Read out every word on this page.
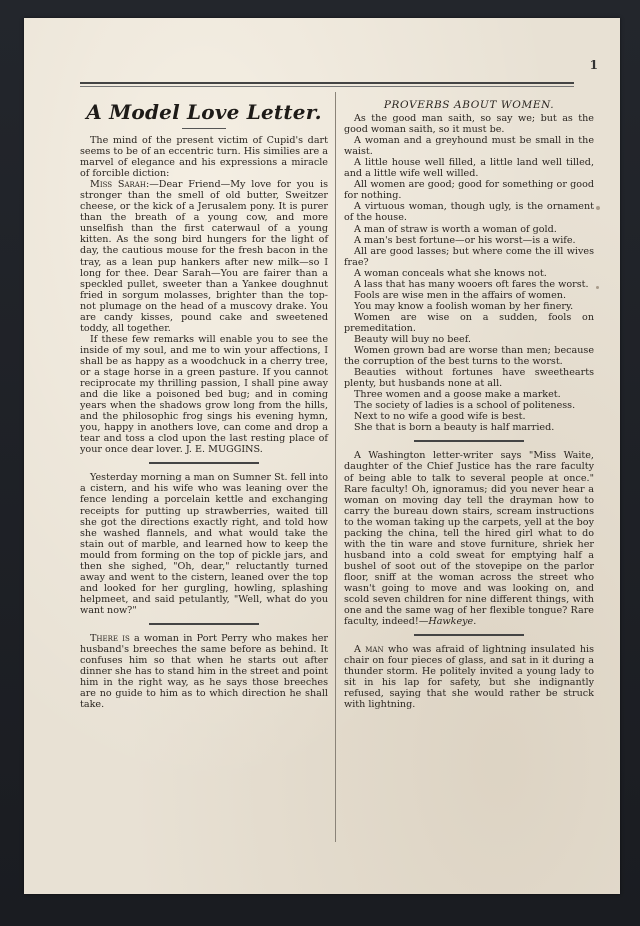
1
A Model Love Letter.

The mind of the present victim of Cupid's dart seems to be of an eccentric turn. His similies are a marvel of elegance and his expressions a miracle of forcible diction:

Miss Sarah:—Dear Friend—My love for you is stronger than the smell of old butter, Sweitzer cheese, or the kick of a Jerusalem pony. It is purer than the breath of a young cow, and more unselfish than the first caterwaul of a young kitten. As the song bird hungers for the light of day, the cautious mouse for the fresh bacon in the tray, as a lean pup hankers after new milk—so I long for thee. Dear Sarah—You are fairer than a speckled pullet, sweeter than a Yankee doughnut fried in sorgum molasses, brighter than the top-not plumage on the head of a muscovy drake. You are candy kisses, pound cake and sweetened toddy, all together.

If these few remarks will enable you to see the inside of my soul, and me to win your affections, I shall be as happy as a woodchuck in a cherry tree, or a stage horse in a green pasture. If you cannot reciprocate my thrilling passion, I shall pine away and die like a poisoned bed bug; and in coming years when the shadows grow long from the hills, and the philosophic frog sings his evening hymn, you, happy in anothers love, can come and drop a tear and toss a clod upon the last resting place of your once dear lover. J. E. MUGGINS.

Yesterday morning a man on Sumner St. fell into a cistern, and his wife who was leaning over the fence lending a porcelain kettle and exchanging receipts for putting up strawberries, waited till she got the directions exactly right, and told how she washed flannels, and what would take the stain out of marble, and learned how to keep the mould from forming on the top of pickle jars, and then she sighed, "Oh, dear," reluctantly turned away and went to the cistern, leaned over the top and looked for her gurgling, howling, splashing helpmeet, and said petulantly, "Well, what do you want now?"

There is a woman in Port Perry who makes her husband's breeches the same before as behind. It confuses him so that when he starts out after dinner she has to stand him in the street and point him in the right way, as he says those breeches are no guide to him as to which direction he shall take.

PROVERBS ABOUT WOMEN.

As the good man saith, so say we; but as the good woman saith, so it must be.

A woman and a greyhound must be small in the waist.

A little house well filled, a little land well tilled, and a little wife well willed.

All women are good; good for something or good for nothing.

A virtuous woman, though ugly, is the ornament of the house.

A man of straw is worth a woman of gold.

A man's best fortune—or his worst—is a wife.

All are good lasses; but where come the ill wives frae?

A woman conceals what she knows not.

A lass that has many wooers oft fares the worst.

Fools are wise men in the affairs of women.

You may know a foolish woman by her finery.

Women are wise on a sudden, fools on premeditation.

Beauty will buy no beef.

Women grown bad are worse than men; because the corruption of the best turns to the worst.

Beauties without fortunes have sweethearts plenty, but husbands none at all.

Three women and a goose make a market.

The society of ladies is a school of politeness.

Next to no wife a good wife is best.

She that is born a beauty is half married.

A Washington letter-writer says "Miss Waite, daughter of the Chief Justice has the rare faculty of being able to talk to several people at once." Rare faculty! Oh, ignoramus; did you never hear a woman on moving day tell the drayman how to carry the bureau down stairs, scream instructions to the woman taking up the carpets, yell at the boy packing the china, tell the hired girl what to do with the tin ware and stove furniture, shriek her husband into a cold sweat for emptying half a bushel of soot out of the stovepipe on the parlor floor, sniff at the woman across the street who wasn't going to move and was looking on, and scold seven children for nine different things, with one and the same wag of her flexible tongue? Rare faculty, indeed!—Hawkeye.

A man who was afraid of lightning insulated his chair on four pieces of glass, and sat in it during a thunder storm. He politely invited a young lady to sit in his lap for safety, but she indignantly refused, saying that she would rather be struck with lightning.
